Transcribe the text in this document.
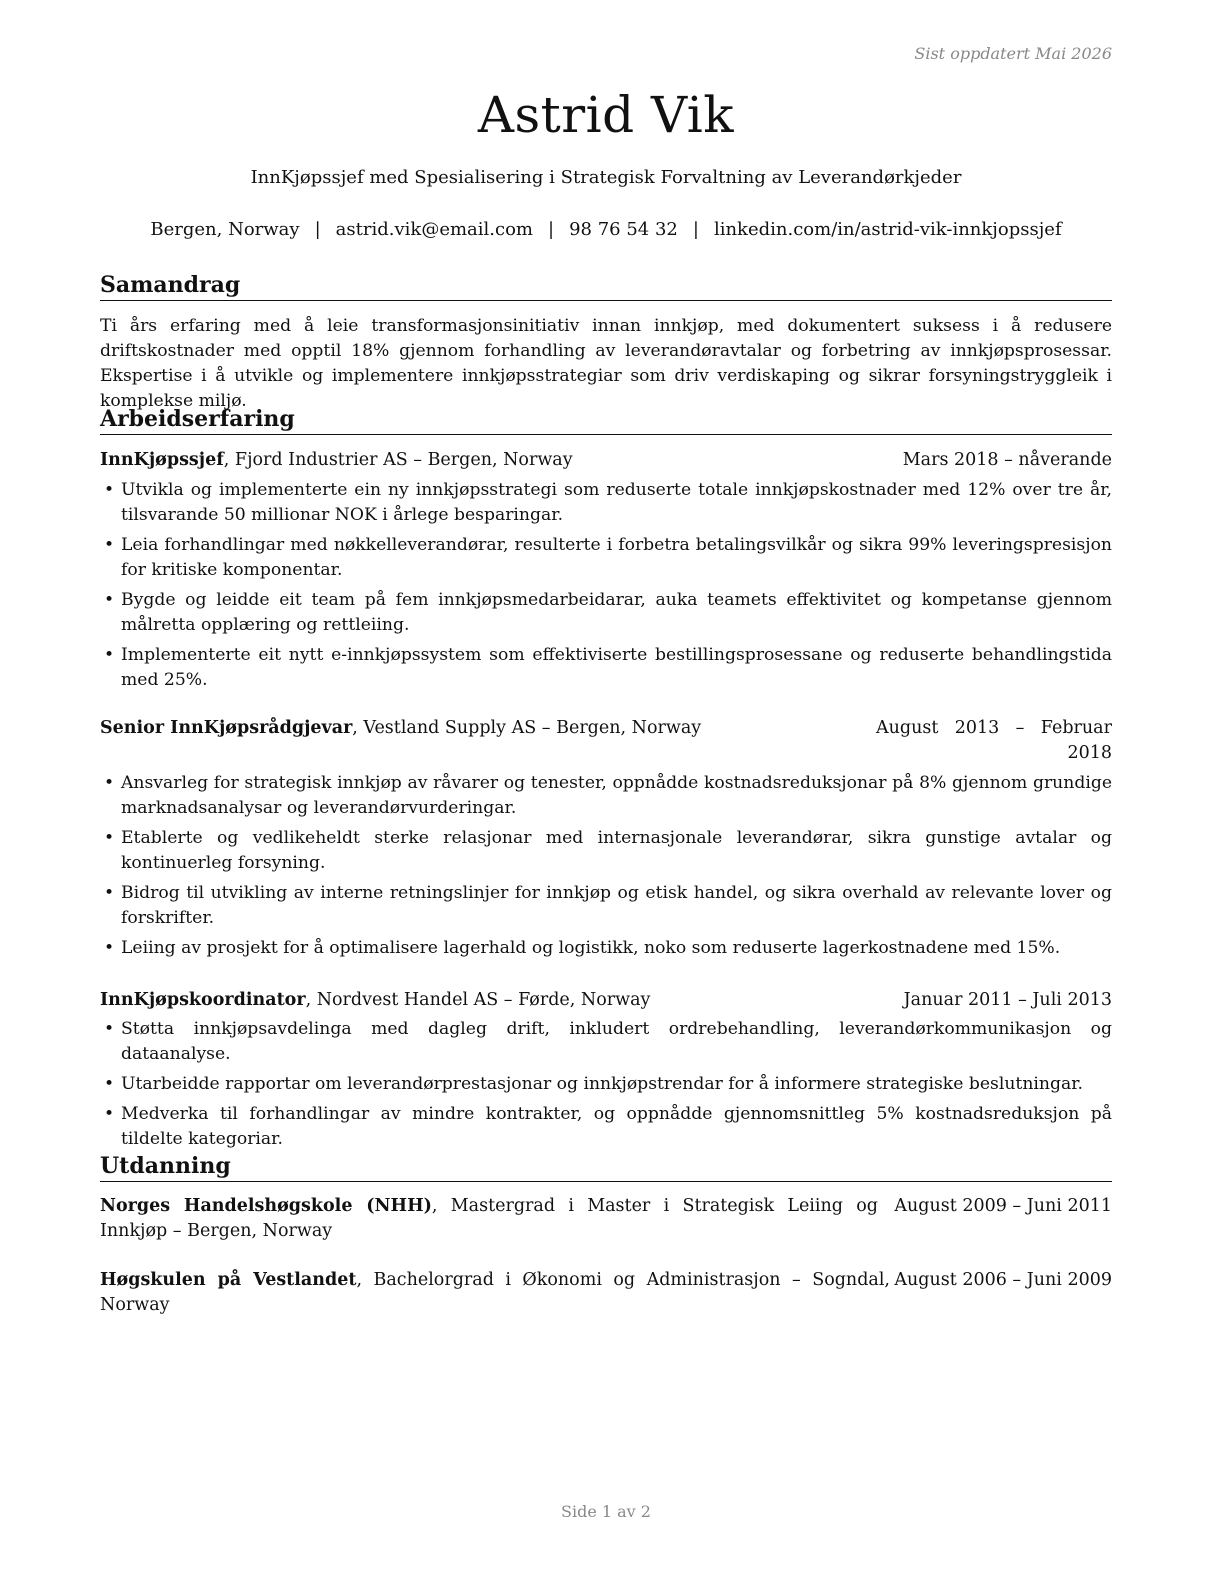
Sist oppdatert Mai 2026
Astrid Vik
InnKjøpssjef med Spesialisering i Strategisk Forvaltning av Leverandørkjeder
Bergen, Norway | astrid.vik@email.com | 98 76 54 32 | linkedin.com/in/astrid-vik-innkjopssjef
Samandrag
Ti års erfaring med å leie transformasjonsinitiativ innan innkjøp, med dokumentert suksess i å redusere driftskostnader med opptil 18% gjennom forhandling av leverandøravtalar og forbetring av innkjøpsprosessar. Ekspertise i å utvikle og implementere innkjøpsstrategiar som driv verdiskaping og sikrar forsyningstryggleik i komplekse miljø.
Arbeidserfaring
InnKjøpssjef, Fjord Industrier AS – Bergen, Norway	Mars 2018 – nåverande
• Utvikla og implementerte ein ny innkjøpsstrategi som reduserte totale innkjøpskostnader med 12% over tre år, tilsvarande 50 millionar NOK i årlege besparingar.
• Leia forhandlingar med nøkkelleverandørar, resulterte i forbetra betalingsvilkår og sikra 99% leveringspresisjon for kritiske komponentar.
• Bygde og leidde eit team på fem innkjøpsmedarbeidarar, auka teamets effektivitet og kompetanse gjennom målretta opplæring og rettleiing.
• Implementerte eit nytt e-innkjøpssystem som effektiviserte bestillingsprosessane og reduserte behandlingstida med 25%.
Senior InnKjøpsrådgjevar, Vestland Supply AS – Bergen, Norway	August 2013 – Februar 2018
• Ansvarleg for strategisk innkjøp av råvarer og tenester, oppnådde kostnadsreduksjonar på 8% gjennom grundige marknadsanalysar og leverandørvurderingar.
• Etablerte og vedlikeheldt sterke relasjonar med internasjonale leverandørar, sikra gunstige avtalar og kontinuerleg forsyning.
• Bidrog til utvikling av interne retningslinjer for innkjøp og etisk handel, og sikra overhald av relevante lover og forskrifter.
• Leiing av prosjekt for å optimalisere lagerhald og logistikk, noko som reduserte lagerkostnadene med 15%.
InnKjøpskoordinator, Nordvest Handel AS – Førde, Norway	Januar 2011 – Juli 2013
• Støtta innkjøpsavdelinga med dagleg drift, inkludert ordrebehandling, leverandørkommunikasjon og dataanalyse.
• Utarbeidde rapportar om leverandørprestasjonar og innkjøpstrendar for å informere strategiske beslutningar.
• Medverka til forhandlingar av mindre kontrakter, og oppnådde gjennomsnittleg 5% kostnadsreduksjon på tildelte kategoriar.
Utdanning
Norges Handelshøgskole (NHH), Mastergrad i Master i Strategisk Leiing og Innkjøp – Bergen, Norway
August 2009 – Juni 2011
Høgskulen på Vestlandet, Bachelorgrad i Økonomi og Administrasjon – Sogndal, Norway
August 2006 – Juni 2009
Side 1 av 2
